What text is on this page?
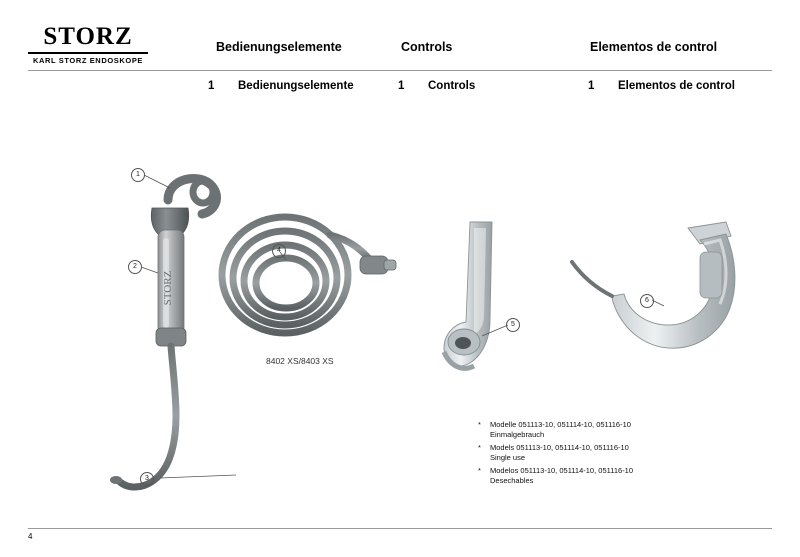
STORZ
KARL STORZ ENDOSKOPE
Bedienungselemente	Controls	Elementos de control
1 Bedienungselemente	1 Controls	1 Elementos de control
STORZ
1
2
3
4
5
6
8402 XS/8403 XS
* Modelle 051113-10, 051114-10, 051116-10
Einmalgebrauch
* Models 051113-10, 051114-10, 051116-10
Single use
* Modelos 051113-10, 051114-10, 051116-10
Desechables
4
